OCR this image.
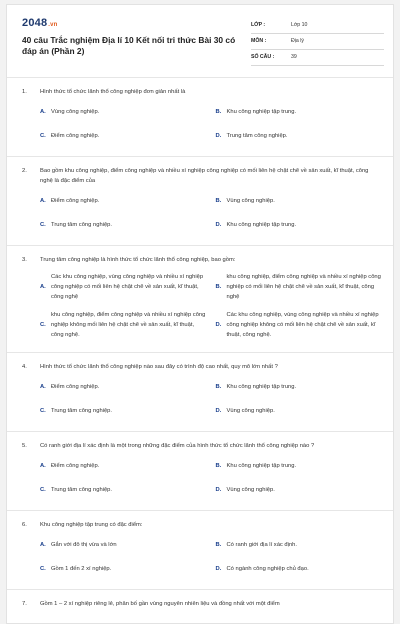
2048.vn
40 câu Trắc nghiệm Địa lí 10 Kết nối tri thức Bài 30 có đáp án (Phần 2)
LỚP :	Lớp 10
MÔN :	Địa lý
SỐ CÂU :	39
1.	Hình thức tổ chức lãnh thổ công nghiệp đơn giản nhất là
A. Vùng công nghiệp.	B. Khu công nghiệp tập trung.
C. Điểm công nghiệp.	D. Trung tâm công nghiệp.
2.	Bao gồm khu công nghiệp, điểm công nghiệp và nhiều xí nghiệp công nghiệp có mối liên hệ chặt chẽ về sản xuất, kĩ thuật, công nghệ là đặc điểm của
A. Điểm công nghiệp.	B. Vùng công nghiệp.
C. Trung tâm công nghiệp.	D. Khu công nghiệp tập trung.
3.	Trung tâm công nghiệp là hình thức tổ chức lãnh thổ công nghiệp, bao gồm:
A.
Các khu công nghiệp, vùng công nghiệp và nhiều xí nghiệp công nghiệp có mối liên hệ chặt chẽ về sản xuất, kĩ thuật, công nghệ
B.
khu công nghiệp, điểm công nghiệp và nhiều xí nghiệp công nghiệp có mối liên hệ chặt chẽ về sản xuất, kĩ thuật, công nghệ
C.
khu công nghiệp, điểm công nghiệp và nhiều xí nghiệp công nghiệp không mối liên hệ chặt chẽ về sản xuất, kĩ thuật, công nghệ.
D.
Các khu công nghiệp, vùng công nghiệp và nhiều xí nghiệp công nghiệp không có mối liên hệ chặt chẽ về sản xuất, kĩ thuật, công nghệ.
4.	Hình thức tổ chức lãnh thổ công nghiệp nào sau đây có trình độ cao nhất, quy mô lớn nhất ?
A. Điểm công nghiệp.	B. Khu công nghiệp tập trung.
C. Trung tâm công nghiệp.	D. Vùng công nghiệp.
5.	Có ranh giới địa lí xác định là một trong những đặc điểm của hình thức tổ chức lãnh thổ công nghiệp nào ?
A. Điểm công nghiệp.	B. Khu công nghiệp tập trung.
C. Trung tâm công nghiệp.	D. Vùng công nghiệp.
6.	Khu công nghiệp tập trung có đặc điểm:
A. Gắn với đô thị vừa và lớn	B. Có ranh giới địa lí xác định.
C. Gồm 1 đến 2 xí nghiệp.	D. Có ngành công nghiệp chủ đạo.
7.	Gồm 1 – 2 xí nghiệp riêng lẻ, phân bố gần vùng nguyên nhiên liệu và đồng nhất với một điểm
